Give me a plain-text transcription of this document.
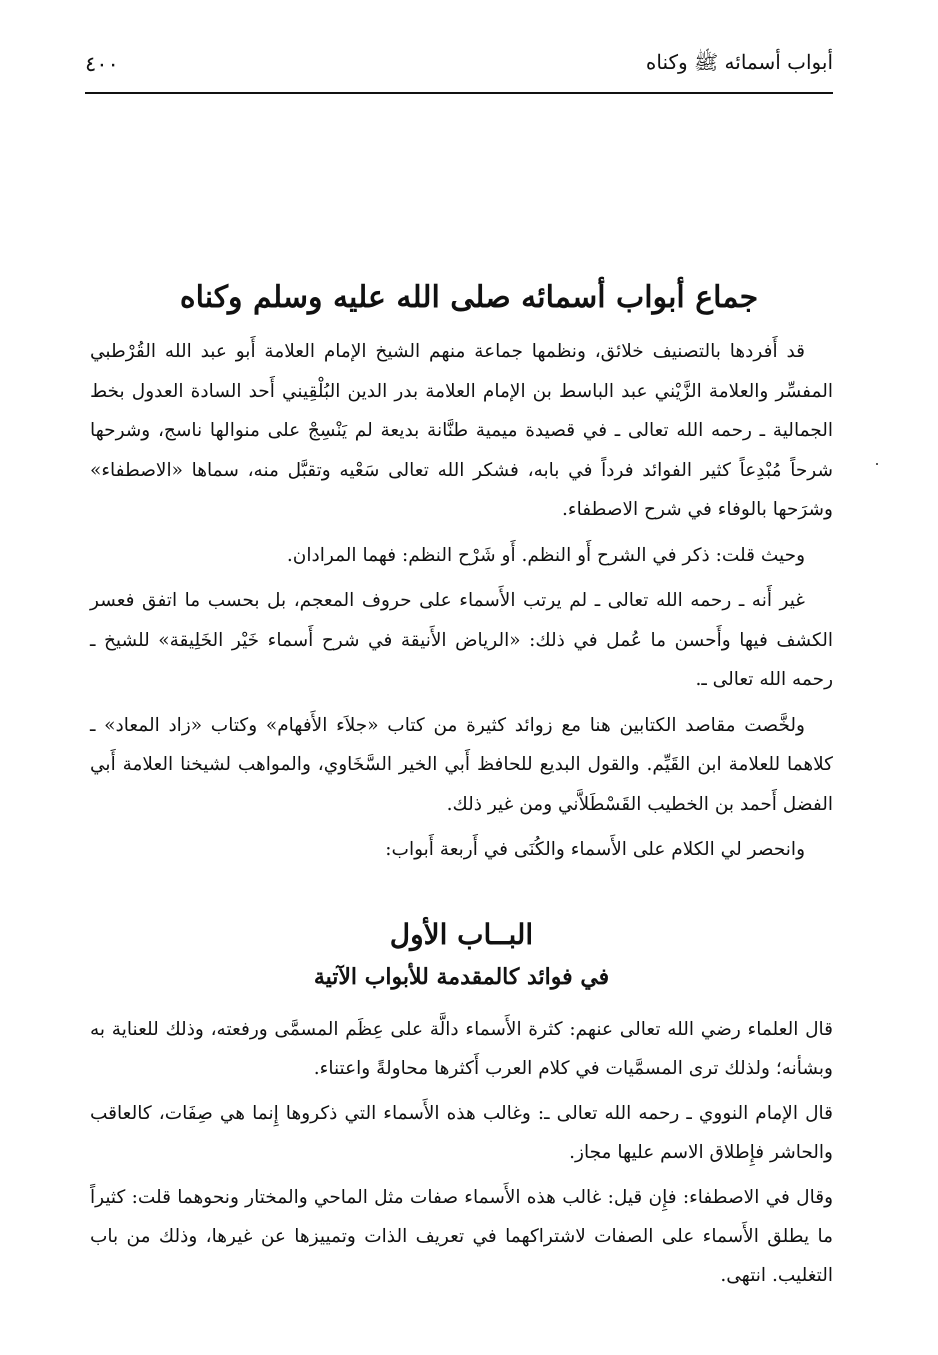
أبواب أسمائه ﷺ وكناه
٤٠٠
جماع أبواب أسمائه صلى الله عليه وسلم وكناه

قد أَفردها بالتصنيف خلائق، ونظمها جماعة منهم الشيخ الإمام العلامة أَبو عبد الله القُرْطبي المفسِّر والعلامة الزَّيْني عبد الباسط بن الإمام العلامة بدر الدين البُلْقِيني أَحد السادة العدول بخط الجمالية ـ رحمه الله تعالى ـ في قصيدة ميمية طنَّانة بديعة لم يَنْسِجْ على منوالها ناسج، وشرحها شرحاً مُبْدِعاً كثير الفوائد فرداً في بابه، فشكر الله تعالى سَعْيه وتقبَّل منه، سماها «الاصطفاء» وشرَحها بالوفاء في شرح الاصطفاء.

وحيث قلت: ذكر في الشرح أَو النظم. أَو شَرْح النظم: فهما المرادان.

غير أَنه ـ رحمه الله تعالى ـ لم يرتب الأَسماء على حروف المعجم، بل بحسب ما اتفق فعسر الكشف فيها وأَحسن ما عُمل في ذلك: «الرياض الأَنيقة في شرح أَسماء خَيْر الخَلِيقة» للشيخ ـ رحمه الله تعالى ـ.

ولخَّصت مقاصد الكتابين هنا مع زوائد كثيرة من كتاب «جلاَء الأَفهام» وكتاب «زاد المعاد» ـ كلاهما للعلامة ابن القَيِّم. والقول البديع للحافظ أَبي الخير السَّخَاوي، والمواهب لشيخنا العلامة أَبي الفضل أَحمد بن الخطيب القَسْطَلاَّني ومن غير ذلك.

وانحصر لي الكلام على الأَسماء والكُنَى في أَربعة أَبواب:

البــاب الأول
في فوائد كالمقدمة للأبواب الآتية

قال العلماء رضي الله تعالى عنهم: كثرة الأَسماء دالَّة على عِظَم المسمَّى ورفعته، وذلك للعناية به وبشأنه؛ ولذلك ترى المسمَّيات في كلام العرب أَكثرها محاولةً واعتناء.

قال الإمام النووي ـ رحمه الله تعالى ـ: وغالب هذه الأَسماء التي ذكروها إِنما هي صِفَات، كالعاقب والحاشر فإِطلاق الاسم عليها مجاز.

وقال في الاصطفاء: فإِن قيل: غالب هذه الأَسماء صفات مثل الماحي والمختار ونحوهما قلت: كثيراً ما يطلق الأَسماء على الصفات لاشتراكهما في تعريف الذات وتمييزها عن غيرها، وذلك من باب التغليب. انتهى.
